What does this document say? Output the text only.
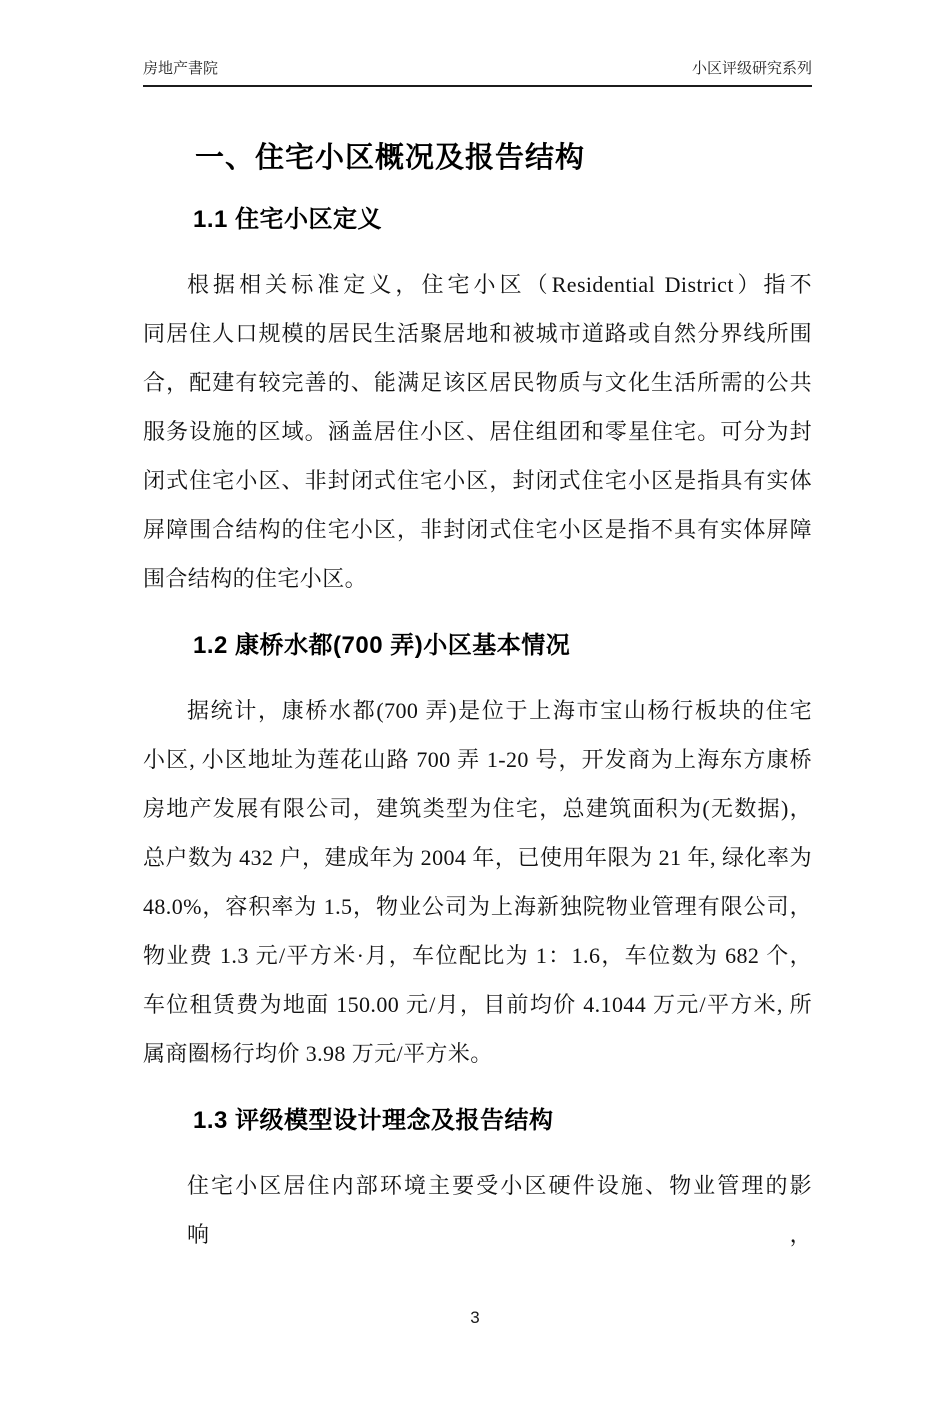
房地产書院	小区评级研究系列
一、住宅小区概况及报告结构
1.1 住宅小区定义
根据相关标准定义，住宅小区（Residential District）指不
同居住人口规模的居民生活聚居地和被城市道路或自然分界线所围
合，配建有较完善的、能满足该区居民物质与文化生活所需的公共
服务设施的区域。涵盖居住小区、居住组团和零星住宅。可分为封
闭式住宅小区、非封闭式住宅小区，封闭式住宅小区是指具有实体
屏障围合结构的住宅小区，非封闭式住宅小区是指不具有实体屏障
围合结构的住宅小区。
1.2 康桥水都(700 弄)小区基本情况
据统计，康桥水都(700 弄)是位于上海市宝山杨行板块的住宅
小区, 小区地址为莲花山路 700 弄 1-20 号，开发商为上海东方康桥
房地产发展有限公司，建筑类型为住宅，总建筑面积为(无数据)，
总户数为 432 户，建成年为 2004 年，已使用年限为 21 年, 绿化率为
48.0%，容积率为 1.5，物业公司为上海新独院物业管理有限公司，
物业费 1.3 元/平方米·月，车位配比为 1：1.6，车位数为 682 个，
车位租赁费为地面 150.00 元/月，目前均价 4.1044 万元/平方米, 所
属商圈杨行均价 3.98 万元/平方米。
1.3 评级模型设计理念及报告结构
住宅小区居住内部环境主要受小区硬件设施、物业管理的影响，
3
